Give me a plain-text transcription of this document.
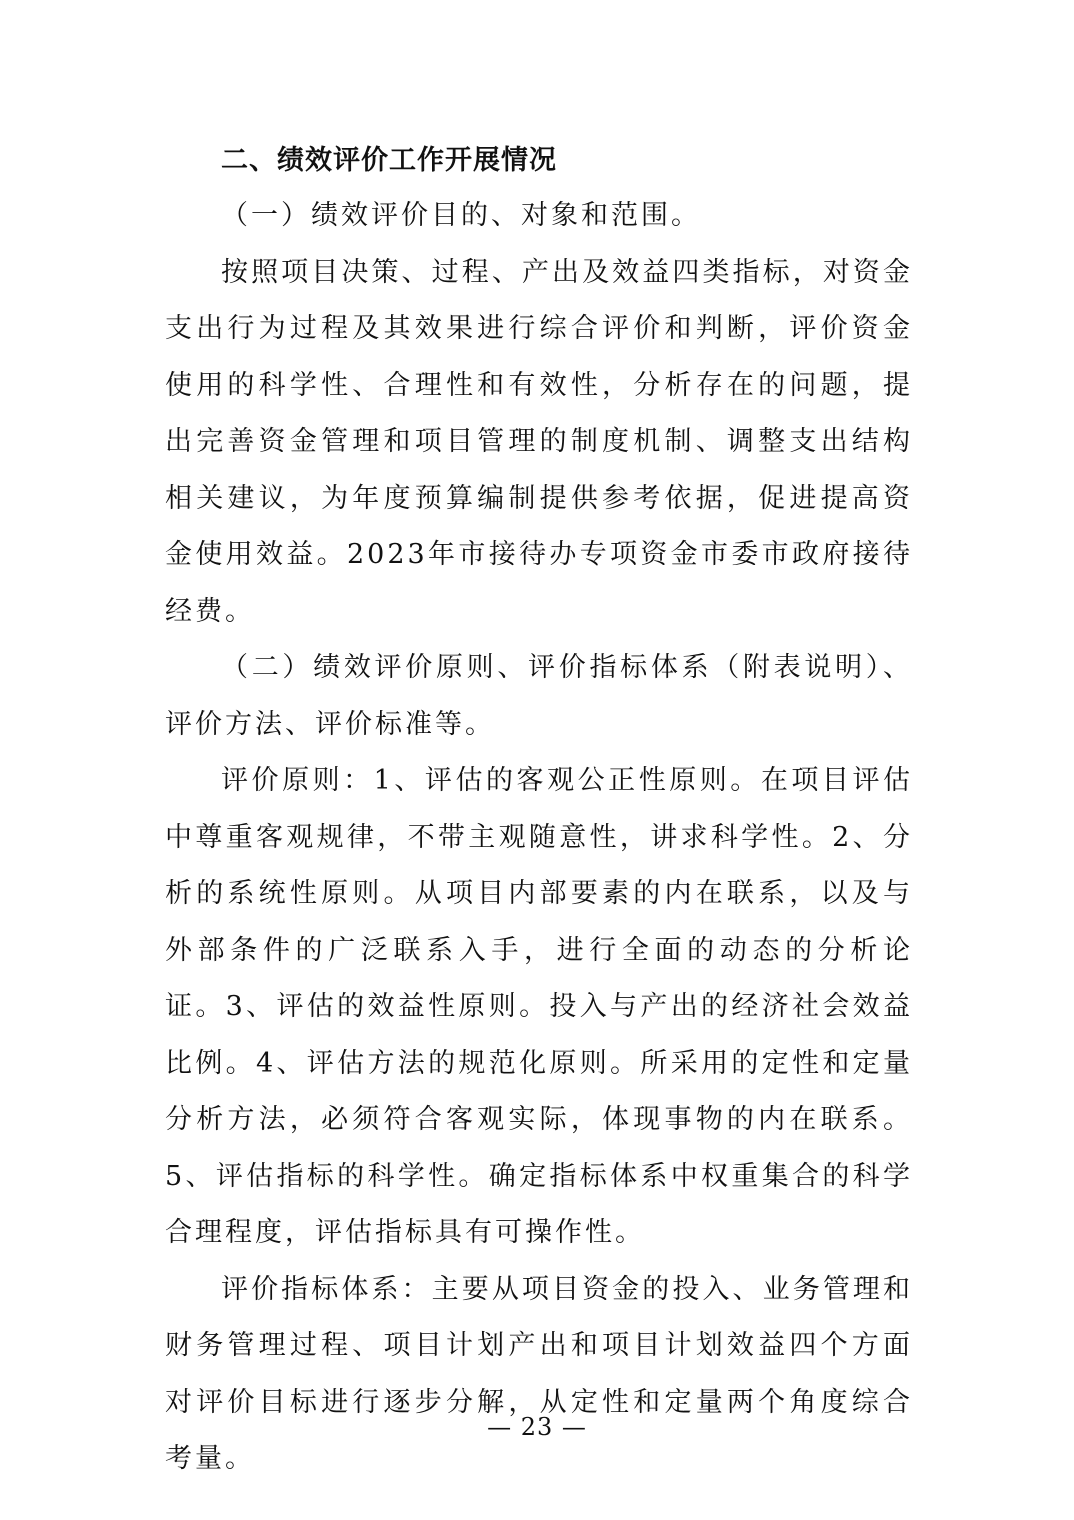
二、绩效评价工作开展情况

（一）绩效评价目的、对象和范围。

按照项目决策、过程、产出及效益四类指标，对资金支出行为过程及其效果进行综合评价和判断，评价资金使用的科学性、合理性和有效性，分析存在的问题，提出完善资金管理和项目管理的制度机制、调整支出结构相关建议，为年度预算编制提供参考依据，促进提高资金使用效益。2023年市接待办专项资金市委市政府接待经费。

（二）绩效评价原则、评价指标体系（附表说明）、评价方法、评价标准等。

评价原则：1、评估的客观公正性原则。在项目评估中尊重客观规律，不带主观随意性，讲求科学性。2、分析的系统性原则。从项目内部要素的内在联系，以及与外部条件的广泛联系入手，进行全面的动态的分析论证。3、评估的效益性原则。投入与产出的经济社会效益比例。4、评估方法的规范化原则。所采用的定性和定量分析方法，必须符合客观实际，体现事物的内在联系。5、评估指标的科学性。确定指标体系中权重集合的科学合理程度，评估指标具有可操作性。

评价指标体系：主要从项目资金的投入、业务管理和财务管理过程、项目计划产出和项目计划效益四个方面对评价目标进行逐步分解，从定性和定量两个角度综合考量。

— 23 —
